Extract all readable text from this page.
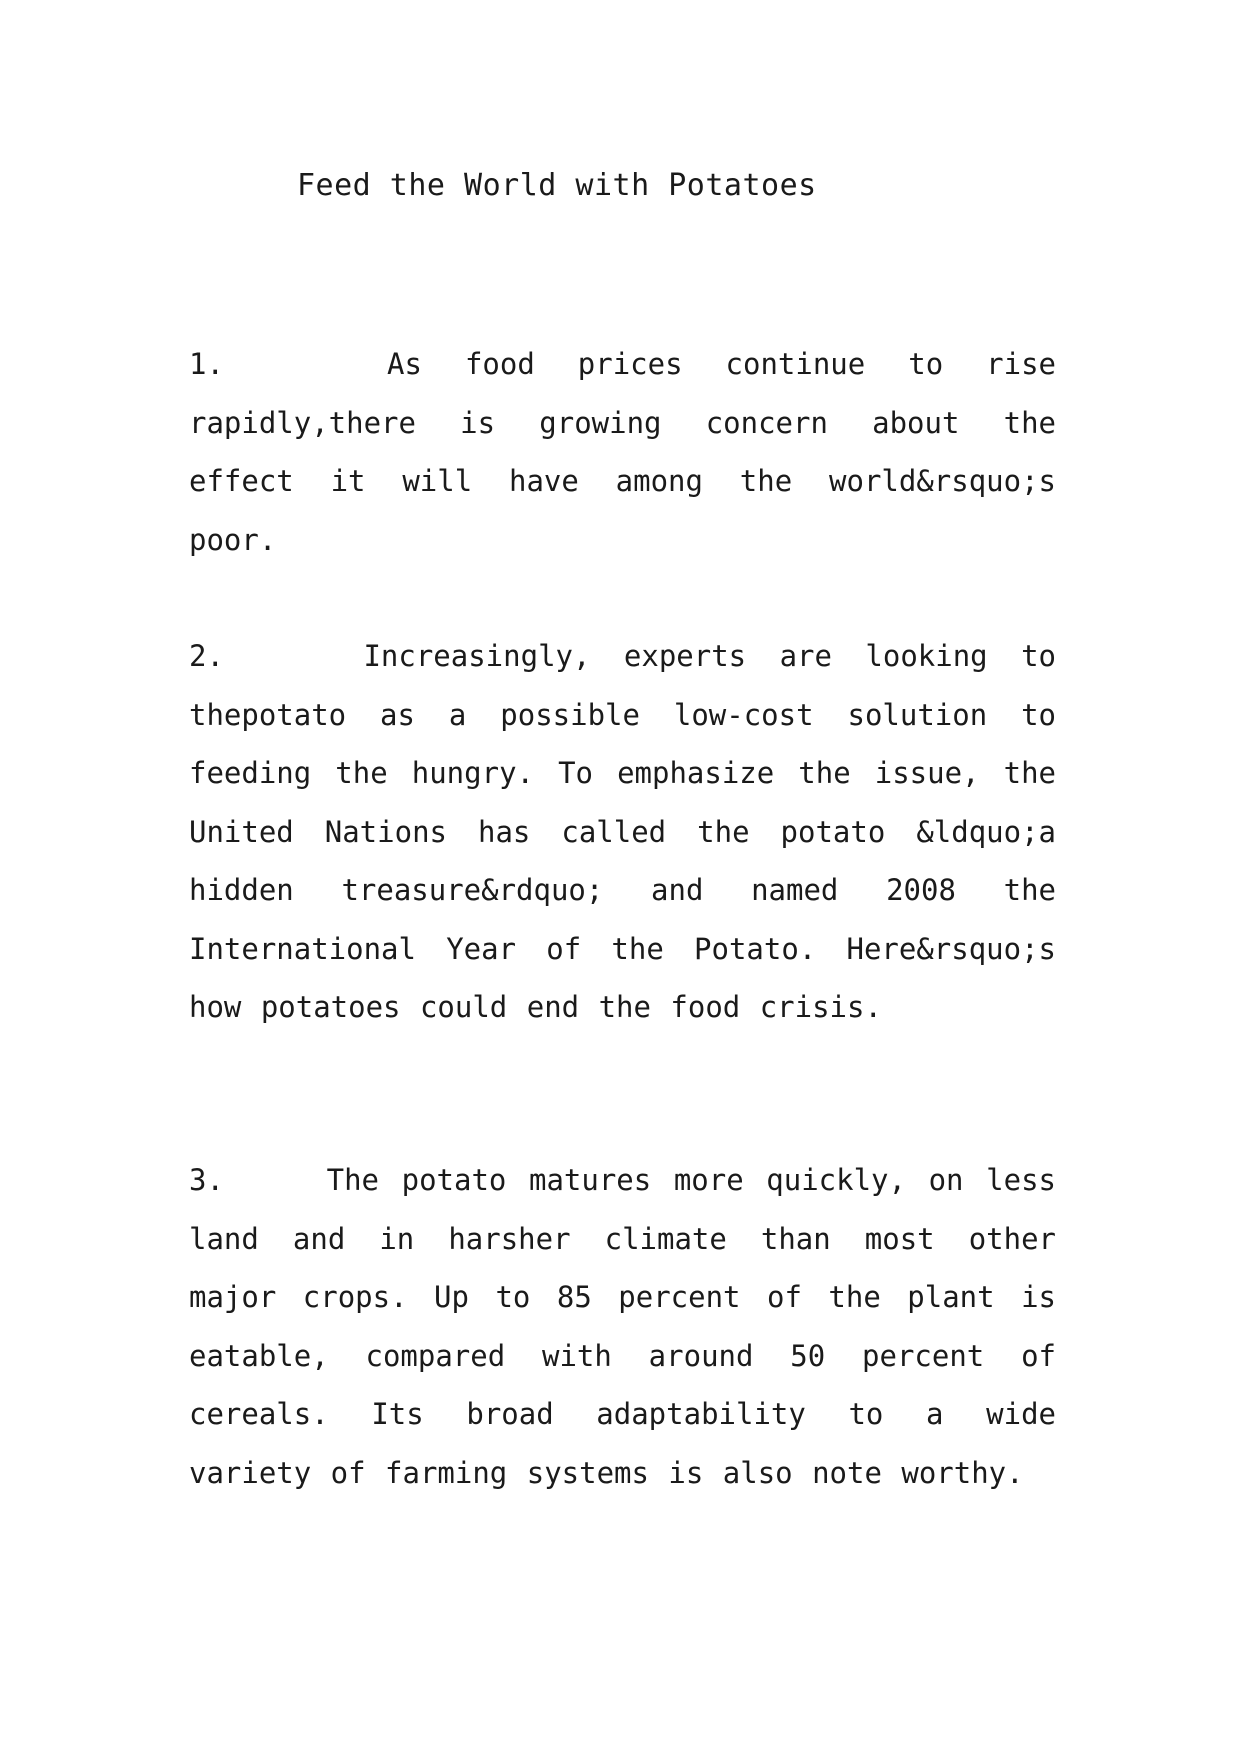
Feed the World with Potatoes

1.	As food prices continue to rise rapidly,there is growing concern about the effect it will have among the world&rsquo;s poor.

2.	Increasingly, experts are looking to thepotato as a possible low-cost solution to feeding the hungry. To emphasize the issue, the United Nations has called the potato &ldquo;a hidden treasure&rdquo; and named 2008 the International Year of the Potato. Here&rsquo;s how potatoes could end the food crisis.

3.	The potato matures more quickly, on less land and in harsher climate than most other major crops. Up to 85 percent of the plant is eatable, compared with around 50 percent of cereals. Its broad adaptability to a wide variety of farming systems is also note worthy.
